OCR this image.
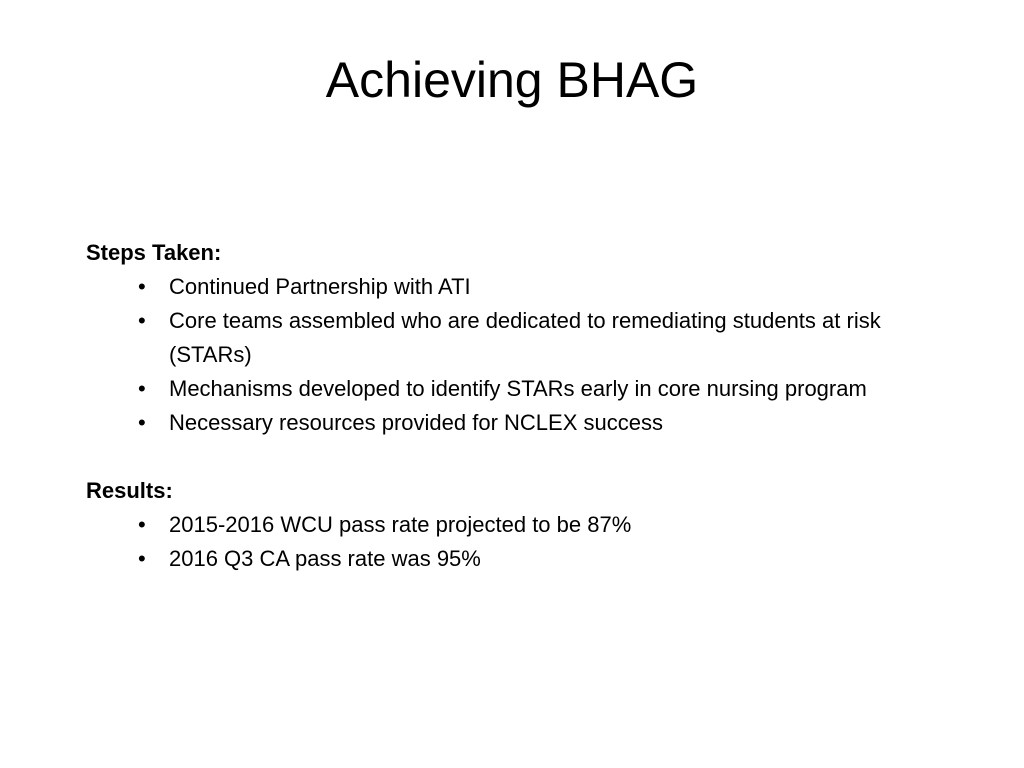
Achieving BHAG

Steps Taken:

• Continued Partnership with ATI
• Core teams assembled who are dedicated to remediating students at risk (STARs)
• Mechanisms developed to identify STARs early in core nursing program
• Necessary resources provided for NCLEX success

Results:

• 2015-2016 WCU pass rate projected to be 87%
• 2016 Q3 CA pass rate was 95%
